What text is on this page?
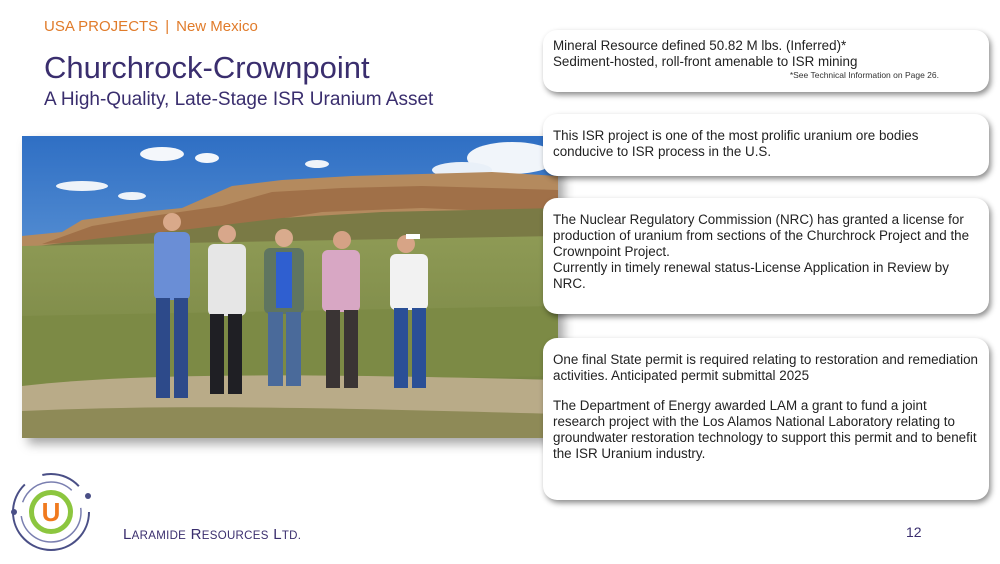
USA PROJECTS | New Mexico
Churchrock-Crownpoint
A High-Quality, Late-Stage ISR Uranium Asset

Mineral Resource defined 50.82 M lbs. (Inferred)*

Sediment-hosted, roll-front amenable to ISR mining

*See Technical Information on Page 26.

This ISR project is one of the most prolific uranium ore bodies conducive to ISR process in the U.S.

The Nuclear Regulatory Commission (NRC) has granted a license for production of uranium from sections of the Churchrock Project and the Crownpoint Project.

Currently in timely renewal status-License Application in Review by NRC.

One final State permit is required relating to restoration and remediation activities. Anticipated permit submittal 2025

The Department of Energy awarded LAM a grant to fund a joint research project with the Los Alamos National Laboratory relating to groundwater restoration technology to support this permit and to benefit the ISR Uranium industry.

U
LARAMIDE RESOURCES LTD.	12
